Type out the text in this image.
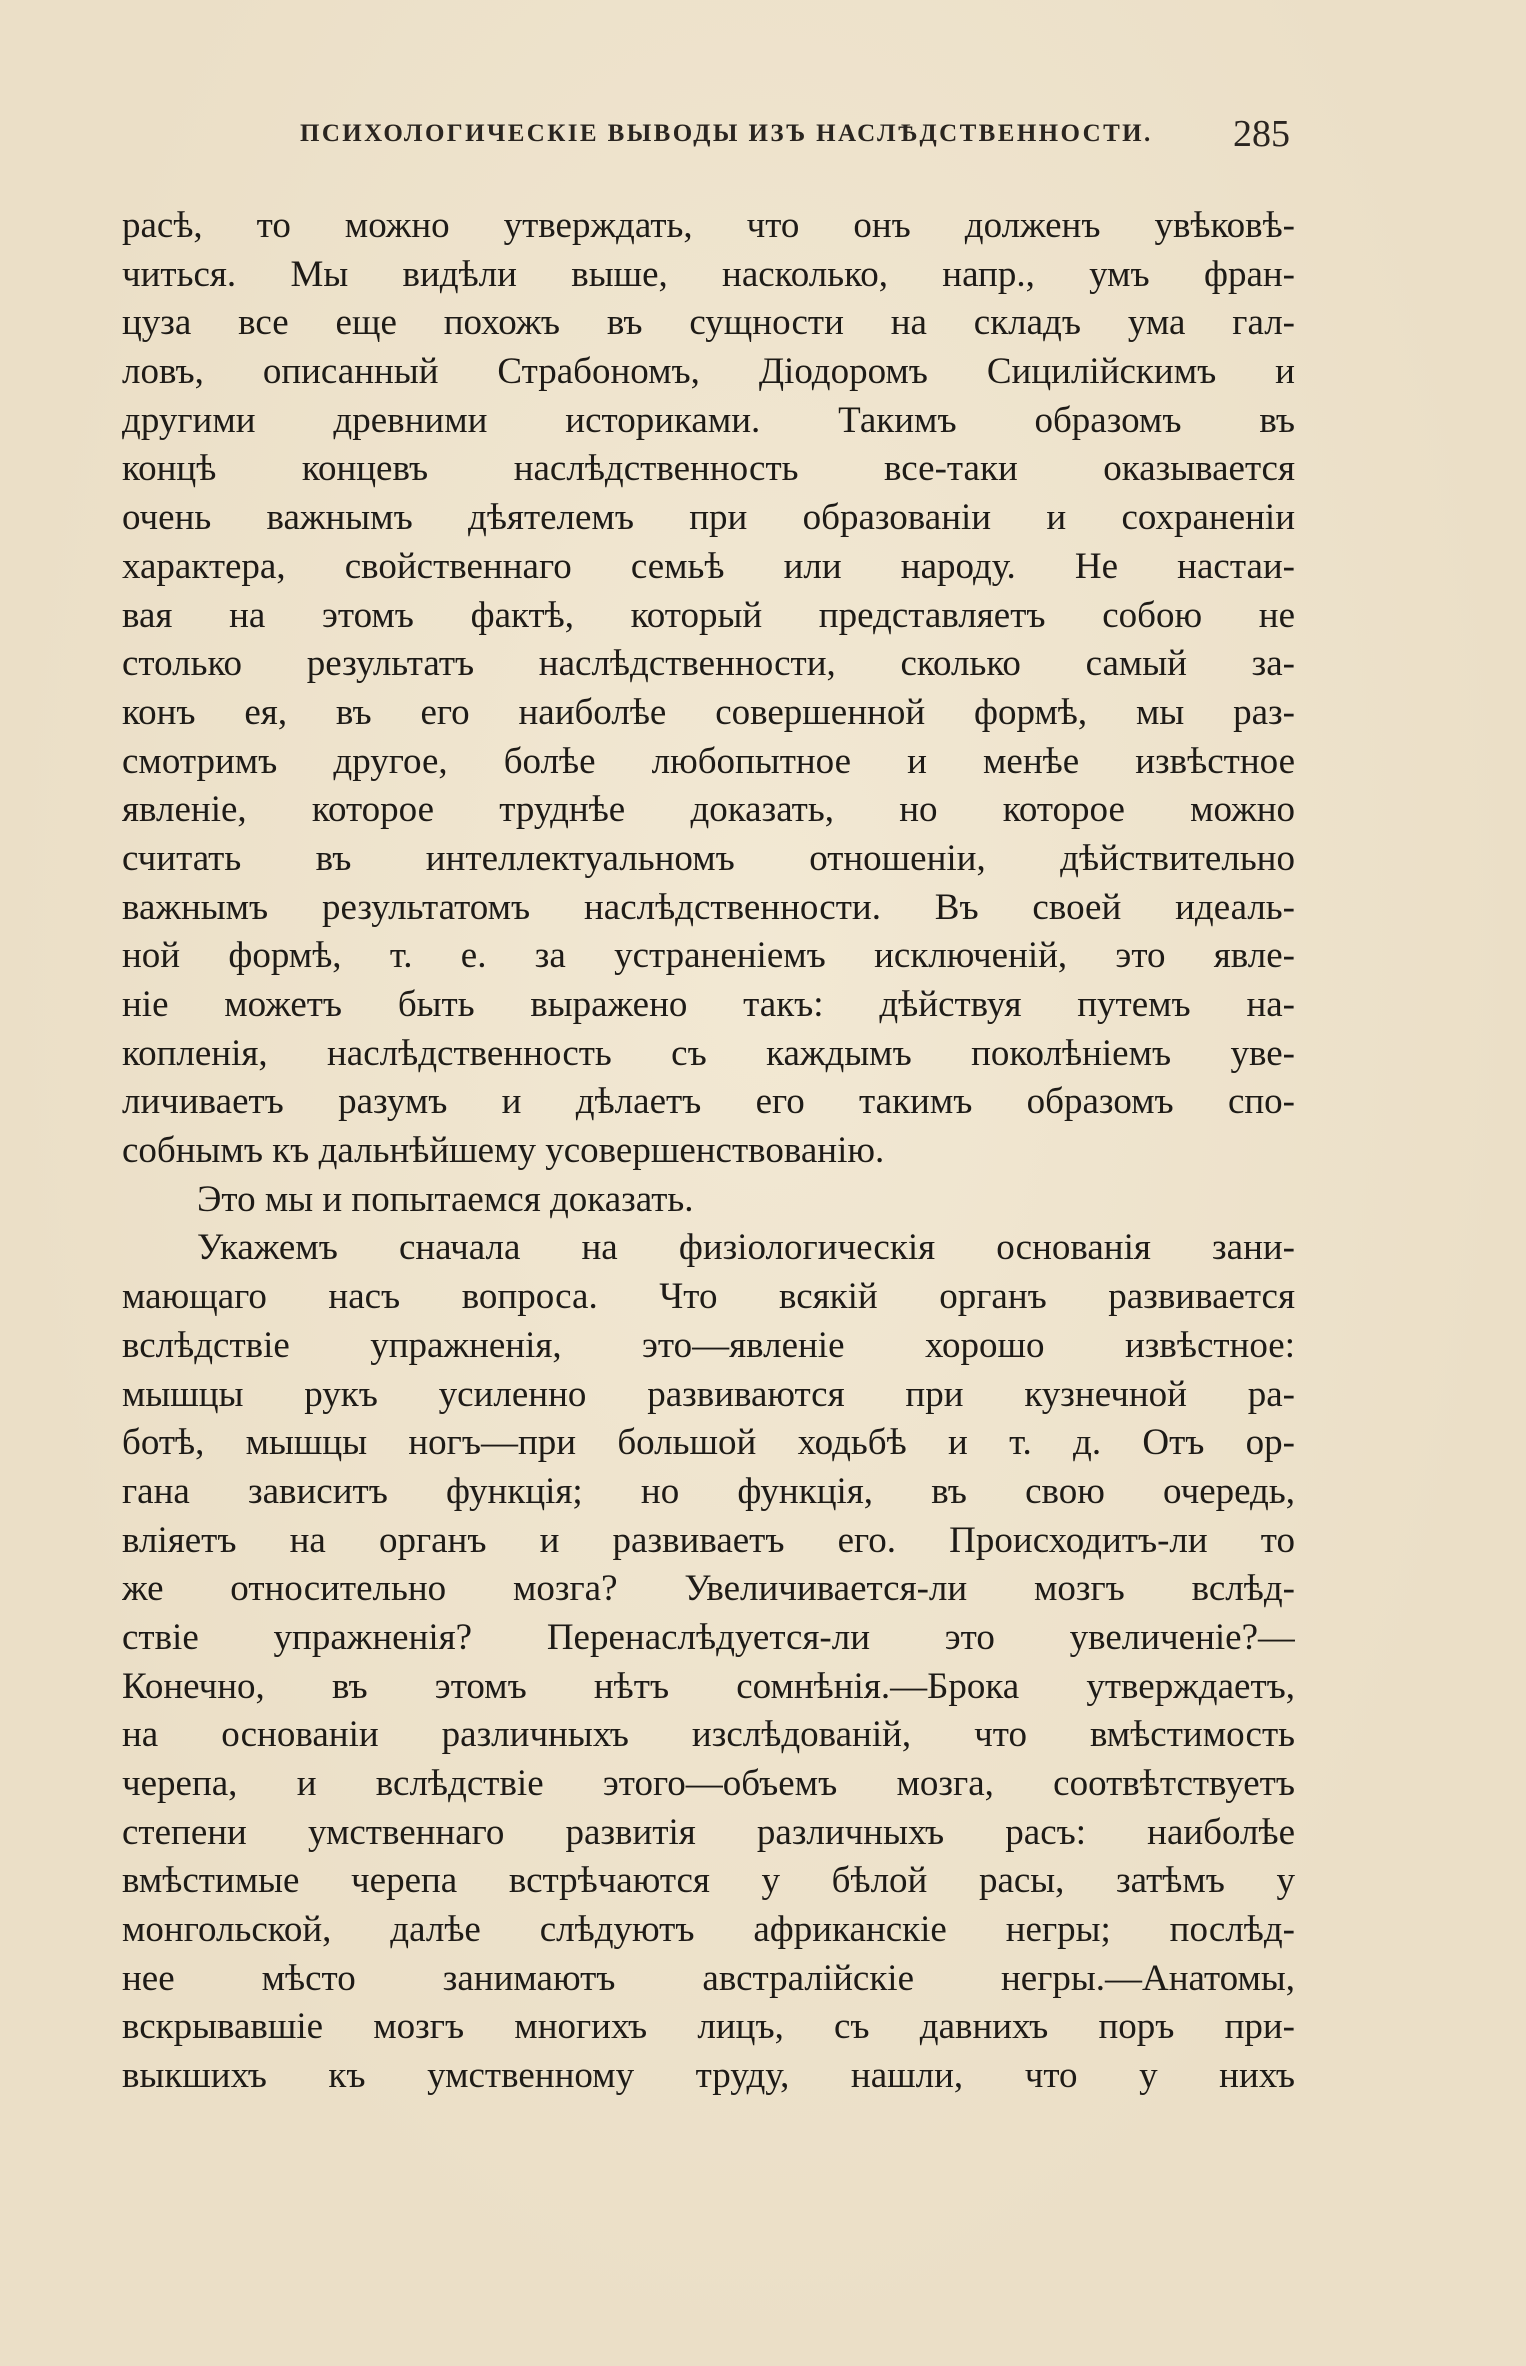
ПСИХОЛОГИЧЕСКІЕ ВЫВОДЫ ИЗЪ НАСЛѢДСТВЕННОСТИ. 285
расѣ, то можно утверждать, что онъ долженъ увѣковѣ-
читься. Мы видѣли выше, насколько, напр., умъ фран-
цуза все еще похожъ въ сущности на складъ ума гал-
ловъ, описанный Страбономъ, Діодоромъ Сицилійскимъ и
другими древними историками. Такимъ образомъ въ
концѣ концевъ наслѣдственность все-таки оказывается
очень важнымъ дѣятелемъ при образованіи и сохраненіи
характера, свойственнаго семьѣ или народу. Не настаи-
вая на этомъ фактѣ, который представляетъ собою не
столько результатъ наслѣдственности, сколько самый за-
конъ ея, въ его наиболѣе совершенной формѣ, мы раз-
смотримъ другое, болѣе любопытное и менѣе извѣстное
явленіе, которое труднѣе доказать, но которое можно
считать въ интеллектуальномъ отношеніи, дѣйствительно
важнымъ результатомъ наслѣдственности. Въ своей идеаль-
ной формѣ, т. е. за устраненіемъ исключеній, это явле-
ніе можетъ быть выражено такъ: дѣйствуя путемъ на-
копленія, наслѣдственность съ каждымъ поколѣніемъ уве-
личиваетъ разумъ и дѣлаетъ его такимъ образомъ спо-
собнымъ къ дальнѣйшему усовершенствованію.
Это мы и попытаемся доказать.
Укажемъ сначала на физіологическія основанія зани-
мающаго насъ вопроса. Что всякій органъ развивается
вслѣдствіе упражненія, это—явленіе хорошо извѣстное:
мышцы рукъ усиленно развиваются при кузнечной ра-
ботѣ, мышцы ногъ—при большой ходьбѣ и т. д. Отъ ор-
гана зависитъ функція; но функція, въ свою очередь,
вліяетъ на органъ и развиваетъ его. Происходитъ-ли то
же относительно мозга? Увеличивается-ли мозгъ вслѣд-
ствіе упражненія? Перенаслѣдуется-ли это увеличеніе?—
Конечно, въ этомъ нѣтъ сомнѣнія.—Брока утверждаетъ,
на основаніи различныхъ изслѣдованій, что вмѣстимость
черепа, и вслѣдствіе этого—объемъ мозга, соотвѣтствуетъ
степени умственнаго развитія различныхъ расъ: наиболѣе
вмѣстимые черепа встрѣчаются у бѣлой расы, затѣмъ у
монгольской, далѣе слѣдуютъ африканскіе негры; послѣд-
нее мѣсто занимаютъ австралійскіе негры.—Анатомы,
вскрывавшіе мозгъ многихъ лицъ, съ давнихъ поръ при-
выкшихъ къ умственному труду, нашли, что у нихъ
